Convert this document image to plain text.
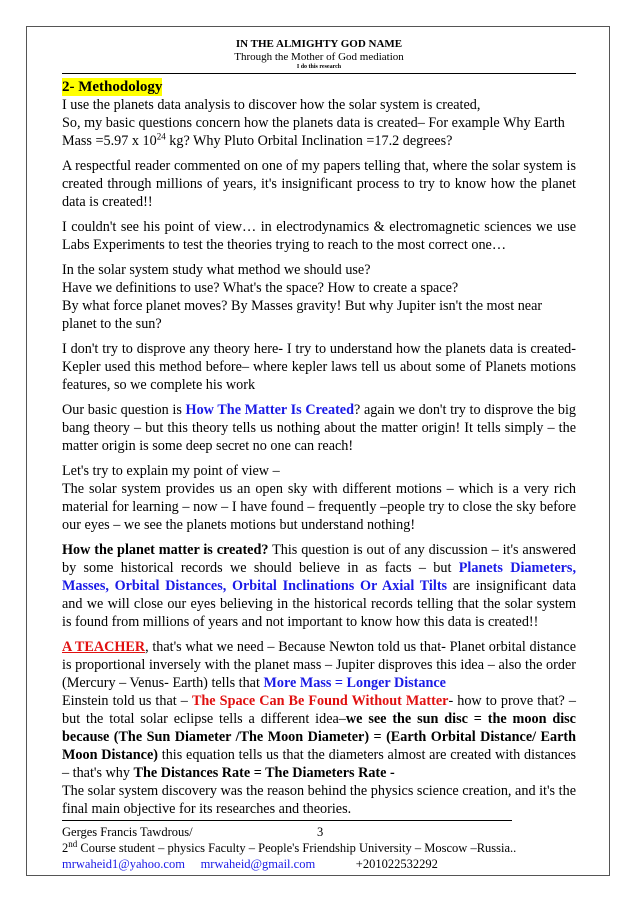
IN THE ALMIGHTY GOD NAME
Through the Mother of God mediation
I do this research
2- Methodology

I use the planets data analysis to discover how the solar system is created,
So, my basic questions concern how the planets data is created– For example Why Earth Mass =5.97 x $10^{24}$ kg? Why Pluto Orbital Inclination =17.2 degrees?

A respectful reader commented on one of my papers telling that, where the solar system is created through millions of years, it's insignificant process to try to know how the planet data is created!!

I couldn't see his point of view… in electrodynamics & electromagnetic sciences we use Labs Experiments to test the theories trying to reach to the most correct one…

In the solar system study what method we should use?
Have we definitions to use? What's the space? How to create a space?
By what force planet moves? By Masses gravity! But why Jupiter isn't the most near planet to the sun?

I don't try to disprove any theory here- I try to understand how the planets data is created- Kepler used this method before– where kepler laws tell us about some of Planets motions features, so we complete his work

Our basic question is How The Matter Is Created? again we don't try to disprove the big bang theory – but this theory tells us nothing about the matter origin! It tells simply – the matter origin is some deep secret no one can reach!

Let's try to explain my point of view –
The solar system provides us an open sky with different motions – which is a very rich material for learning – now – I have found – frequently –people try to close the sky before our eyes – we see the planets motions but understand nothing!

How the planet matter is created? This question is out of any discussion – it's answered by some historical records we should believe in as facts – but Planets Diameters, Masses, Orbital Distances, Orbital Inclinations Or Axial Tilts are insignificant data and we will close our eyes believing in the historical records telling that the solar system is found from millions of years and not important to know how this data is created!!

A TEACHER, that's what we need – Because Newton told us that- Planet orbital distance is proportional inversely with the planet mass – Jupiter disproves this idea – also the order (Mercury – Venus- Earth) tells that More Mass = Longer Distance
Einstein told us that – The Space Can Be Found Without Matter- how to prove that? –but the total solar eclipse tells a different idea–we see the sun disc = the moon disc because (The Sun Diameter /The Moon Diameter) = (Earth Orbital Distance/ Earth Moon Distance) this equation tells us that the diameters almost are created with distances – that's why The Distances Rate = The Diameters Rate -
The solar system discovery was the reason behind the physics science creation, and it's the final main objective for its researches and theories.

Gerges Francis Tawdrous/	3
2nd Course student – physics Faculty – People's Friendship University – Moscow –Russia..
mrwaheid1@yahoo.com mrwaheid@gmail.com	+201022532292
